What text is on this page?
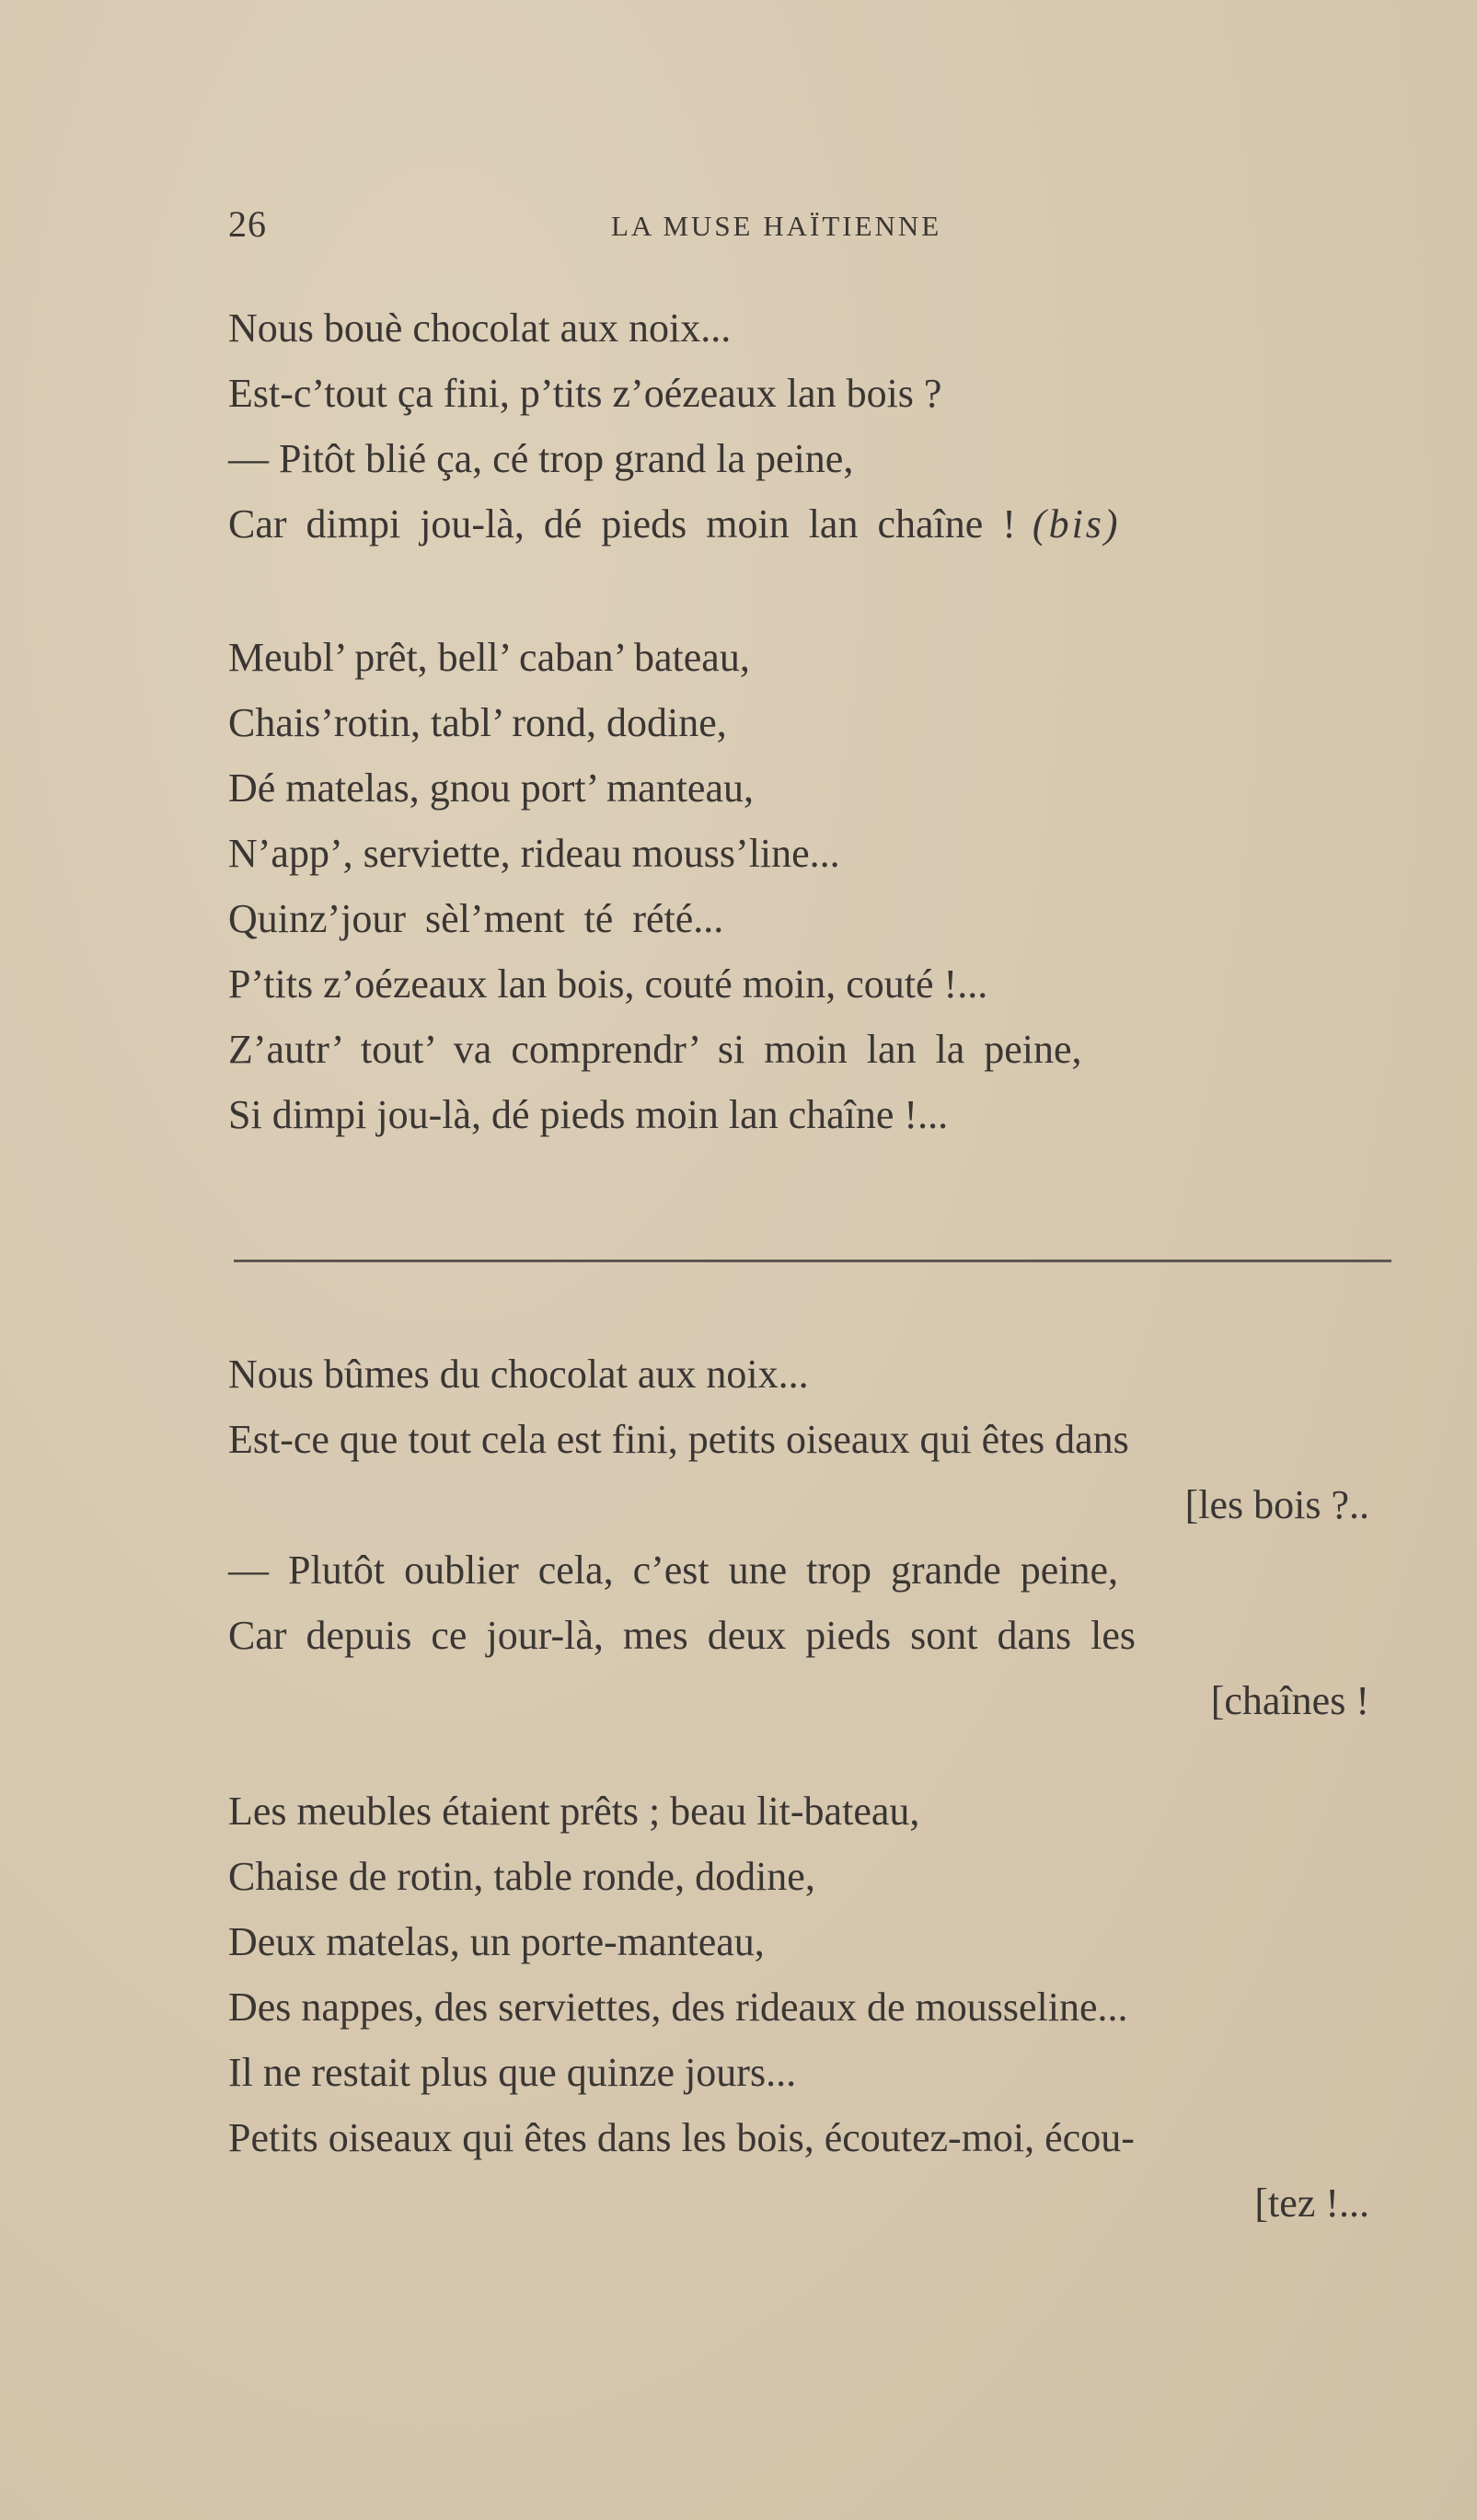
26	LA MUSE HAÏTIENNE
Nous bouè chocolat aux noix...
Est-c’tout ça fini, p’tits z’oézeaux lan bois ?
— Pitôt blié ça, cé trop grand la peine,
Car dimpi jou-là, dé pieds moin lan chaîne ! (bis)
Meubl’ prêt, bell’ caban’ bateau,
Chais’rotin, tabl’ rond, dodine,
Dé matelas, gnou port’ manteau,
N’app’, serviette, rideau mouss’line...
Quinz’jour sèl’ment té rété...
P’tits z’oézeaux lan bois, couté moin, couté !...
Z’autr’ tout’ va comprendr’ si moin lan la peine,
Si dimpi jou-là, dé pieds moin lan chaîne !...
Nous bûmes du chocolat aux noix...
Est-ce que tout cela est fini, petits oiseaux qui êtes dans
[les bois ?..
— Plutôt oublier cela, c’est une trop grande peine,
Car depuis ce jour-là, mes deux pieds sont dans les
[chaînes !
Les meubles étaient prêts ; beau lit-bateau,
Chaise de rotin, table ronde, dodine,
Deux matelas, un porte-manteau,
Des nappes, des serviettes, des rideaux de mousseline...
Il ne restait plus que quinze jours...
Petits oiseaux qui êtes dans les bois, écoutez-moi, écou-
[tez !...
